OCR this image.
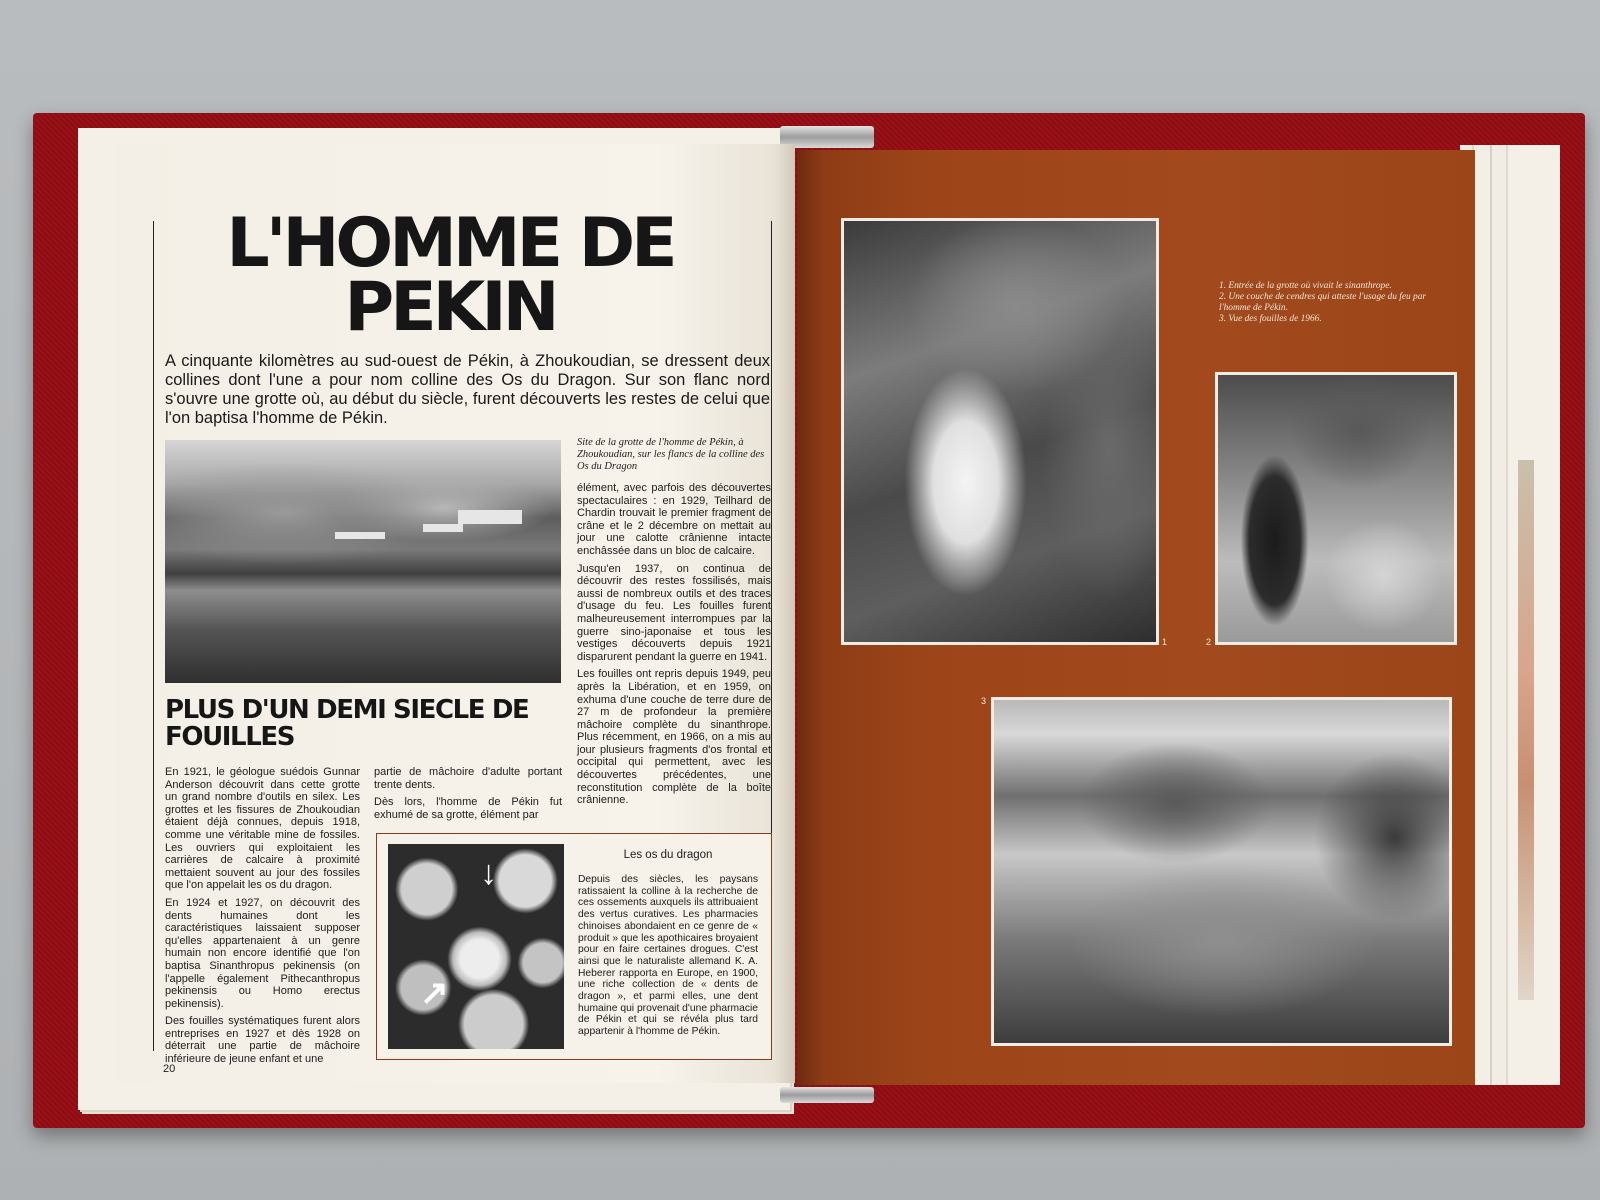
L'HOMME DE PEKIN
A cinquante kilomètres au sud-ouest de Pékin, à Zhoukoudian, se dressent deux collines dont l'une a pour nom colline des Os du Dragon. Sur son flanc nord s'ouvre une grotte où, au début du siècle, furent découverts les restes de celui que l'on baptisa l'homme de Pékin.
Site de la grotte de l'homme de Pékin, à Zhoukoudian, sur les flancs de la colline des Os du Dragon

élément, avec parfois des découvertes spectaculaires : en 1929, Teilhard de Chardin trouvait le premier fragment de crâne et le 2 décembre on mettait au jour une calotte crânienne intacte enchâssée dans un bloc de calcaire.

Jusqu'en 1937, on continua de découvrir des restes fossilisés, mais aussi de nombreux outils et des traces d'usage du feu. Les fouilles furent malheureusement interrompues par la guerre sino-japonaise et tous les vestiges découverts depuis 1921 disparurent pendant la guerre en 1941.

Les fouilles ont repris depuis 1949, peu après la Libération, et en 1959, on exhuma d'une couche de terre dure de 27 m de profondeur la première mâchoire complète du sinanthrope. Plus récemment, en 1966, on a mis au jour plusieurs fragments d'os frontal et occipital qui permettent, avec les découvertes précédentes, une reconstitution complète de la boîte crânienne.

PLUS D'UN DEMI SIECLE DE FOUILLES

En 1921, le géologue suédois Gunnar Anderson découvrit dans cette grotte un grand nombre d'outils en silex. Les grottes et les fissures de Zhoukoudian étaient déjà connues, depuis 1918, comme une véritable mine de fossiles. Les ouvriers qui exploitaient les carrières de calcaire à proximité mettaient souvent au jour des fossiles que l'on appelait les os du dragon.

En 1924 et 1927, on découvrit des dents humaines dont les caractéristiques laissaient supposer qu'elles appartenaient à un genre humain non encore identifié que l'on baptisa Sinanthropus pekinensis (on l'appelle également Pithecanthropus pekinensis ou Homo erectus pekinensis).

Des fouilles systématiques furent alors entreprises en 1927 et dès 1928 on déterrait une partie de mâchoire inférieure de jeune enfant et une

partie de mâchoire d'adulte portant trente dents.

Dès lors, l'homme de Pékin fut exhumé de sa grotte, élément par

↓
↗
Les os du dragon
Depuis des siècles, les paysans ratissaient la colline à la recherche de ces ossements auxquels ils attribuaient des vertus curatives. Les pharmacies chinoises abondaient en ce genre de « produit » que les apothicaires broyaient pour en faire certaines drogues. C'est ainsi que le naturaliste allemand K. A. Heberer rapporta en Europe, en 1900, une riche collection de « dents de dragon », et parmi elles, une dent humaine qui provenait d'une pharmacie de Pékin et qui se révéla plus tard appartenir à l'homme de Pékin.
20
1	2
3
1. Entrée de la grotte où vivait le sinanthrope.
2. Une couche de cendres qui atteste l'usage du feu par l'homme de Pékin.
3. Vue des fouilles de 1966.
